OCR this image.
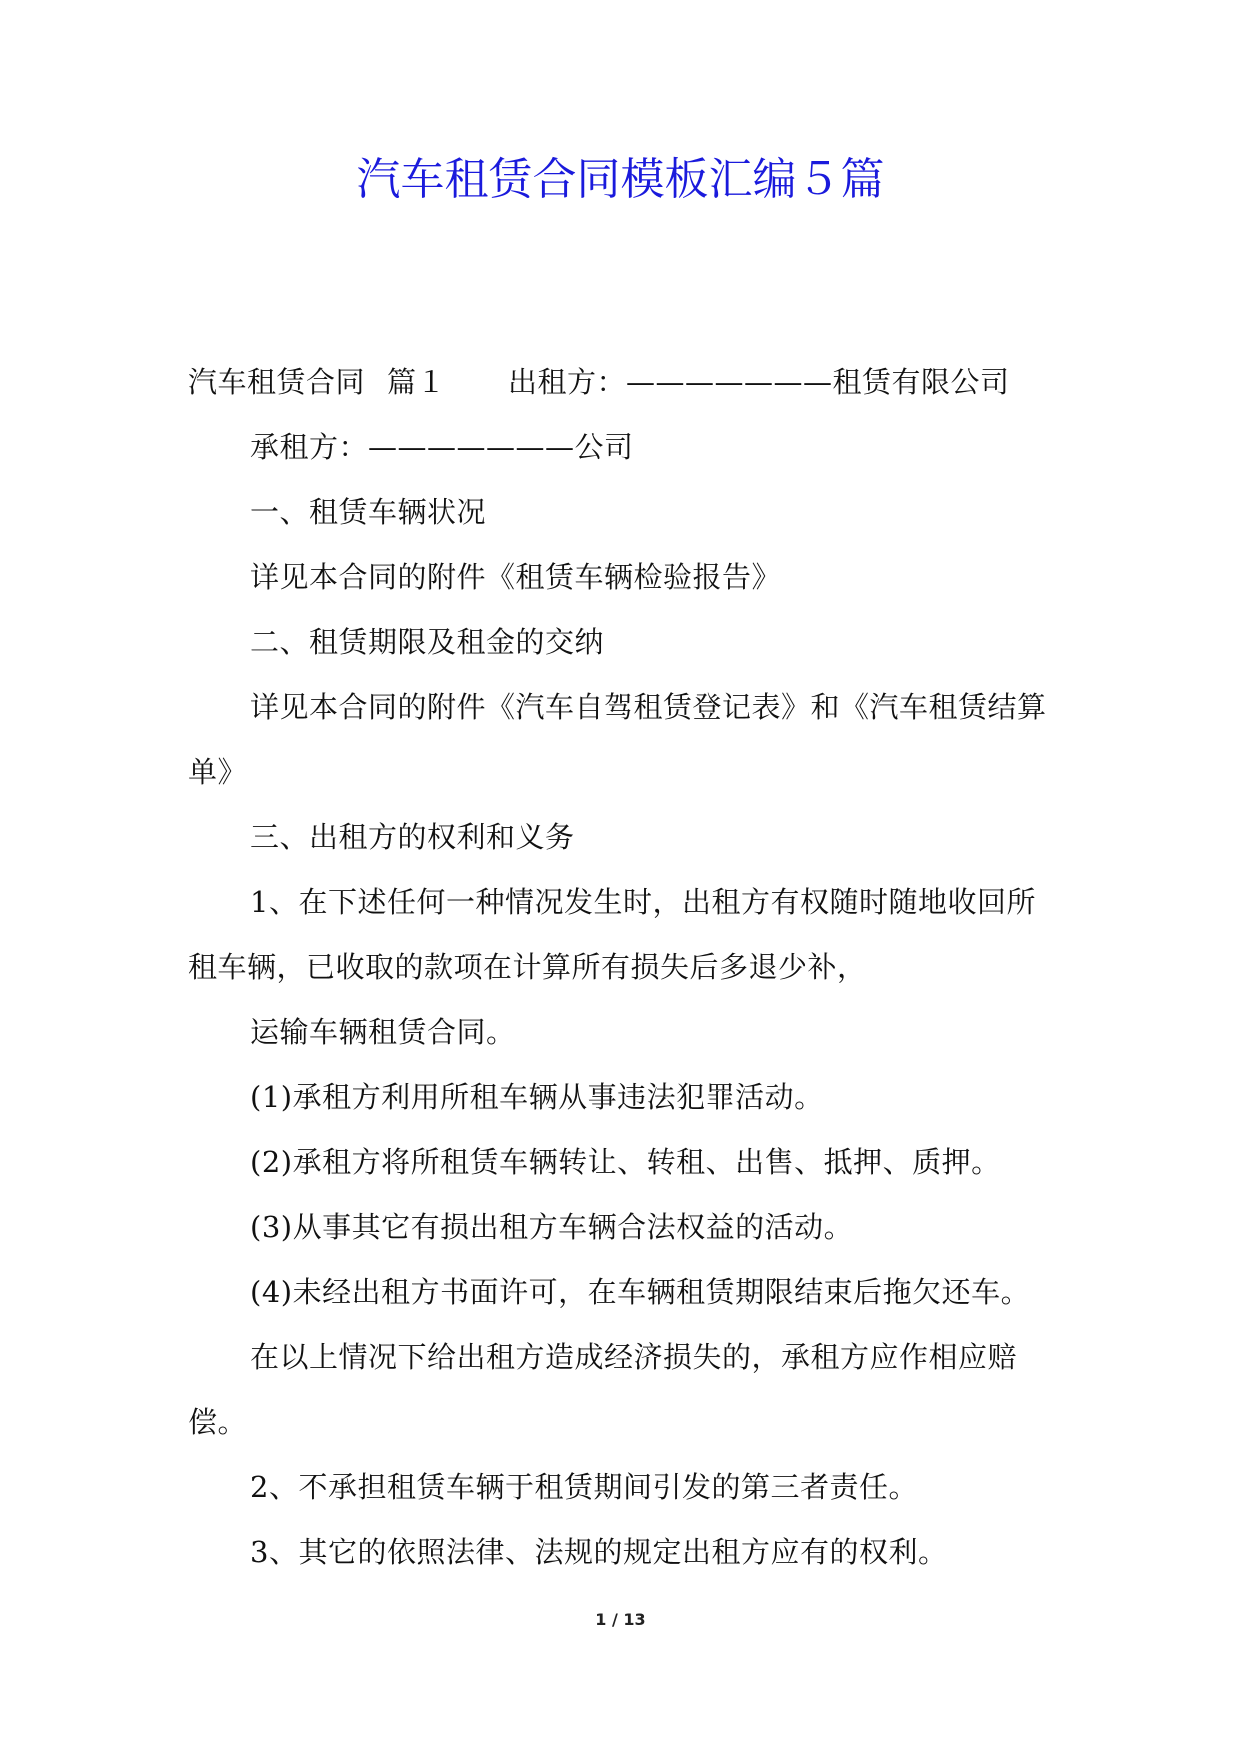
汽车租赁合同模板汇编５篇

汽车租赁合同 篇１ 出租方：———————租赁有限公司

承租方：———————公司

一、租赁车辆状况

详见本合同的附件《租赁车辆检验报告》

二、租赁期限及租金的交纳

详见本合同的附件《汽车自驾租赁登记表》和《汽车租赁结算单》

三、出租方的权利和义务

1、在下述任何一种情况发生时，出租方有权随时随地收回所租车辆，已收取的款项在计算所有损失后多退少补，

运输车辆租赁合同。

(1)承租方利用所租车辆从事违法犯罪活动。

(2)承租方将所租赁车辆转让、转租、出售、抵押、质押。

(3)从事其它有损出租方车辆合法权益的活动。

(4)未经出租方书面许可，在车辆租赁期限结束后拖欠还车。

在以上情况下给出租方造成经济损失的，承租方应作相应赔偿。

2、不承担租赁车辆于租赁期间引发的第三者责任。

3、其它的依照法律、法规的规定出租方应有的权利。

1 / 13
